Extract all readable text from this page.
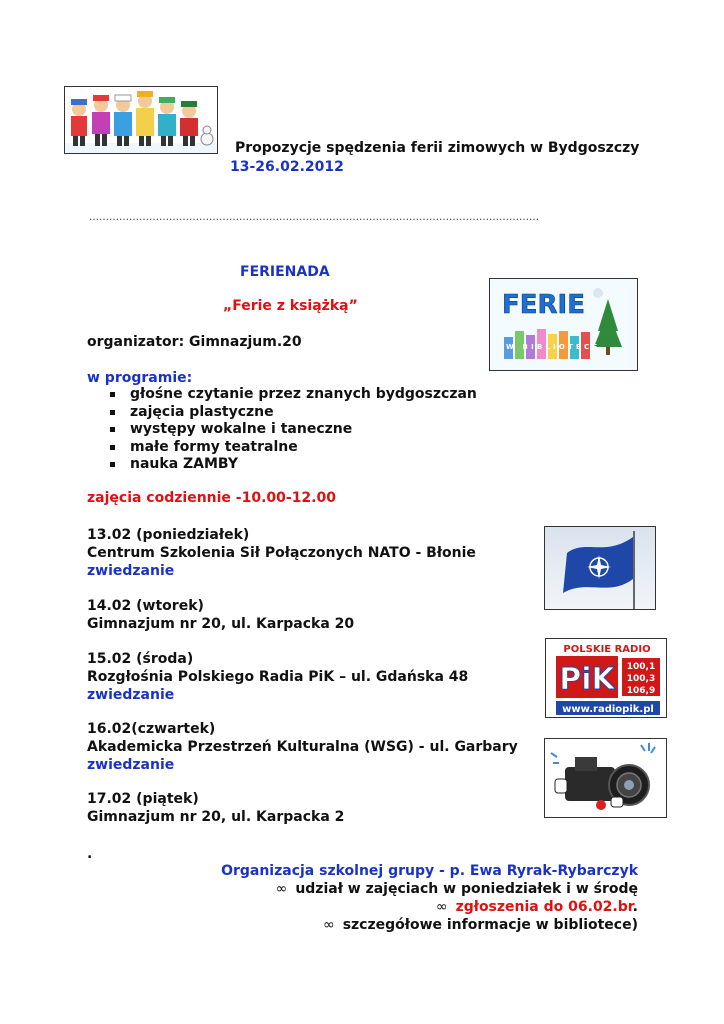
Propozycje spędzenia ferii zimowych w Bydgoszczy
13-26.02.2012
………………………………………………………………………………………………………………………
FERIENADA
„Ferie z książką”	FERIE
W BIBLIOTECE
organizator: Gimnazjum.20
w programie:
głośne czytanie przez znanych bydgoszczan
zajęcia plastyczne
występy wokalne i taneczne
małe formy teatralne
nauka ZAMBY
zajęcia codziennie -10.00-12.00
13.02 (poniedziałek)
Centrum Szkolenia Sił Połączonych NATO - Błonie
zwiedzanie
14.02 (wtorek)
Gimnazjum nr 20, ul. Karpacka 20
15.02 (środa)
Rozgłośnia Polskiego Radia PiK – ul. Gdańska 48
zwiedzanie
POLSKIE RADIO
PiK 100,1
100,3
106,9
www.radiopik.pl
16.02(czwartek)
Akademicka Przestrzeń Kulturalna (WSG) - ul. Garbary
zwiedzanie
17.02 (piątek)
Gimnazjum nr 20, ul. Karpacka 2
.
Organizacja szkolnej grupy - p. Ewa Ryrak-Rybarczyk
∞ udział w zajęciach w poniedziałek i w środę
∞ zgłoszenia do 06.02.br.
∞ szczegółowe informacje w bibliotece)
